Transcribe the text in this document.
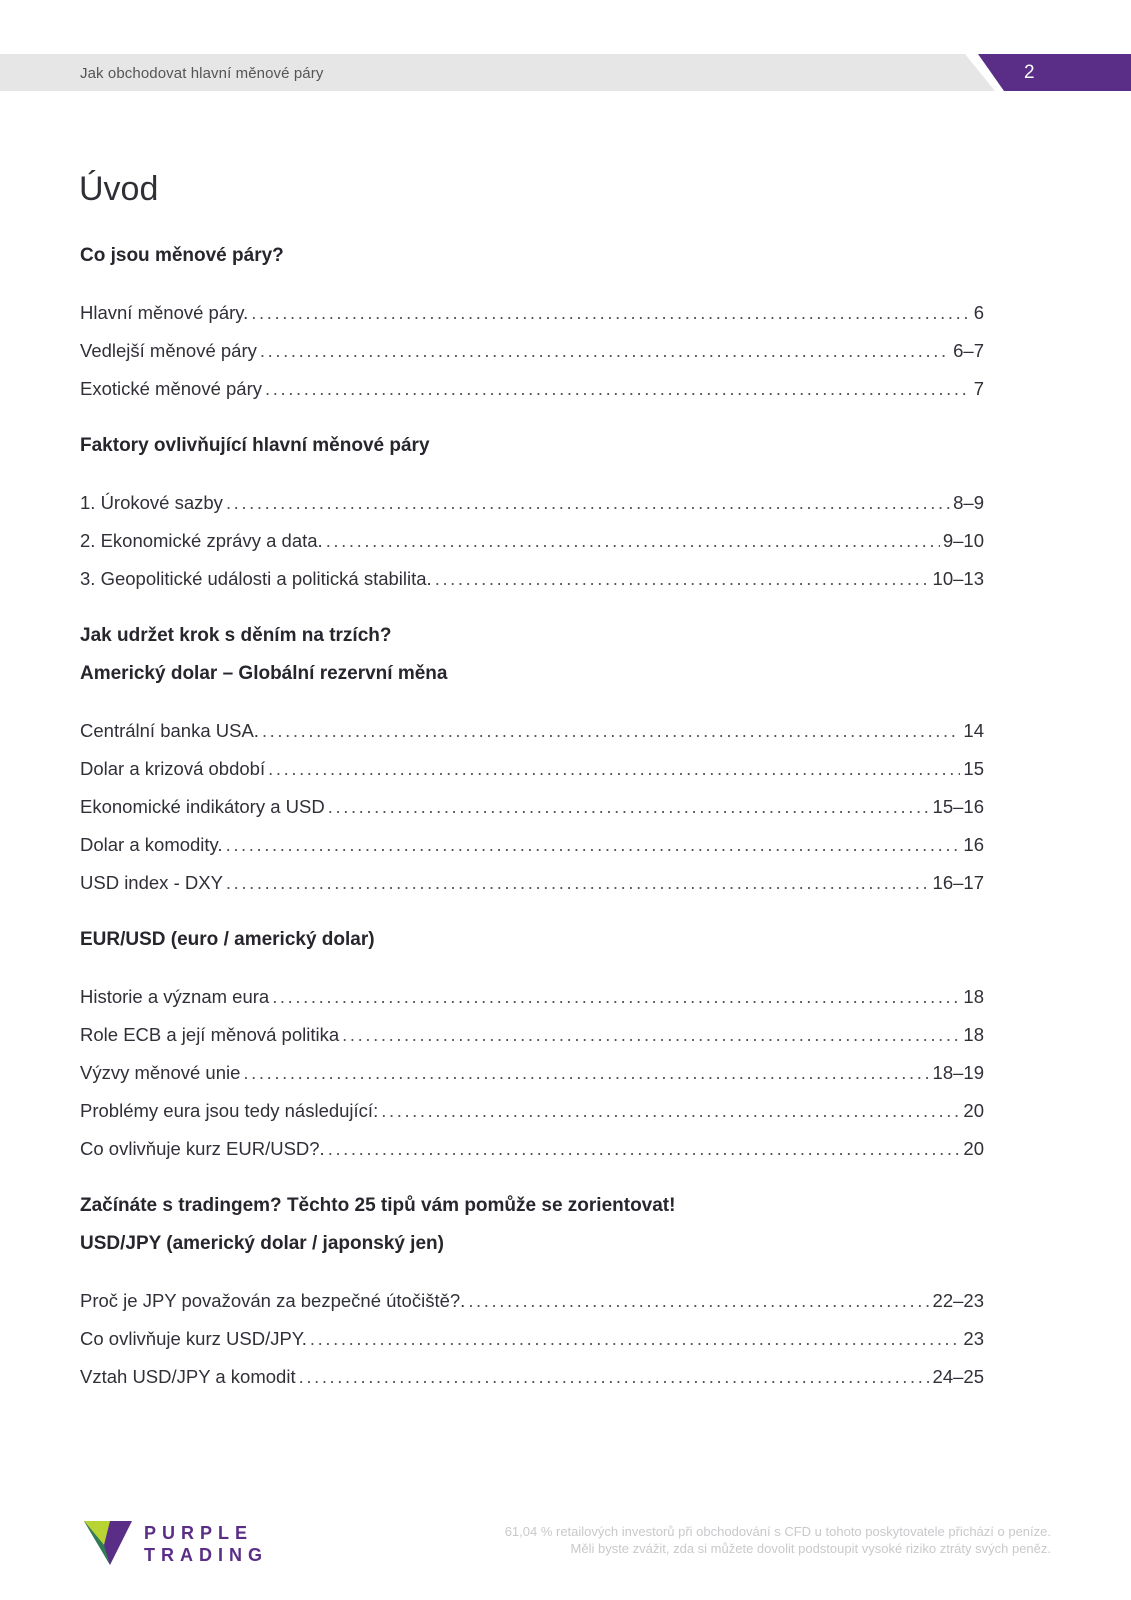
Jak obchodovat hlavní měnové páry	2
Úvod
Co jsou měnové páry?
Hlavní měnové páry. .....	6
Vedlejší měnové páry .....	6–7
Exotické měnové páry .....	7
Faktory ovlivňující hlavní měnové páry
1. Úrokové sazby .....	8–9
2. Ekonomické zprávy a data. .....	9–10
3. Geopolitické události a politická stabilita. .....	10–13
Jak udržet krok s děním na trzích?
Americký dolar – Globální rezervní měna
Centrální banka USA. .....	14
Dolar a krizová období .....	15
Ekonomické indikátory a USD .....	15–16
Dolar a komodity. .....	16
USD index - DXY .....	16–17
EUR/USD (euro / americký dolar)
Historie a význam eura .....	18
Role ECB a její měnová politika .....	18
Výzvy měnové unie .....	18–19
Problémy eura jsou tedy následující: .....	20
Co ovlivňuje kurz EUR/USD?. .....	20
Začínáte s tradingem? Těchto 25 tipů vám pomůže se zorientovat!
USD/JPY (americký dolar / japonský jen)
Proč je JPY považován za bezpečné útočiště?. .....	22–23
Co ovlivňuje kurz USD/JPY. .....	23
Vztah USD/JPY a komodit .....	24–25
PURPLE
TRADING
61,04 % retailových investorů při obchodování s CFD u tohoto poskytovatele přichází o peníze.
Měli byste zvážit, zda si můžete dovolit podstoupit vysoké riziko ztráty svých peněz.
